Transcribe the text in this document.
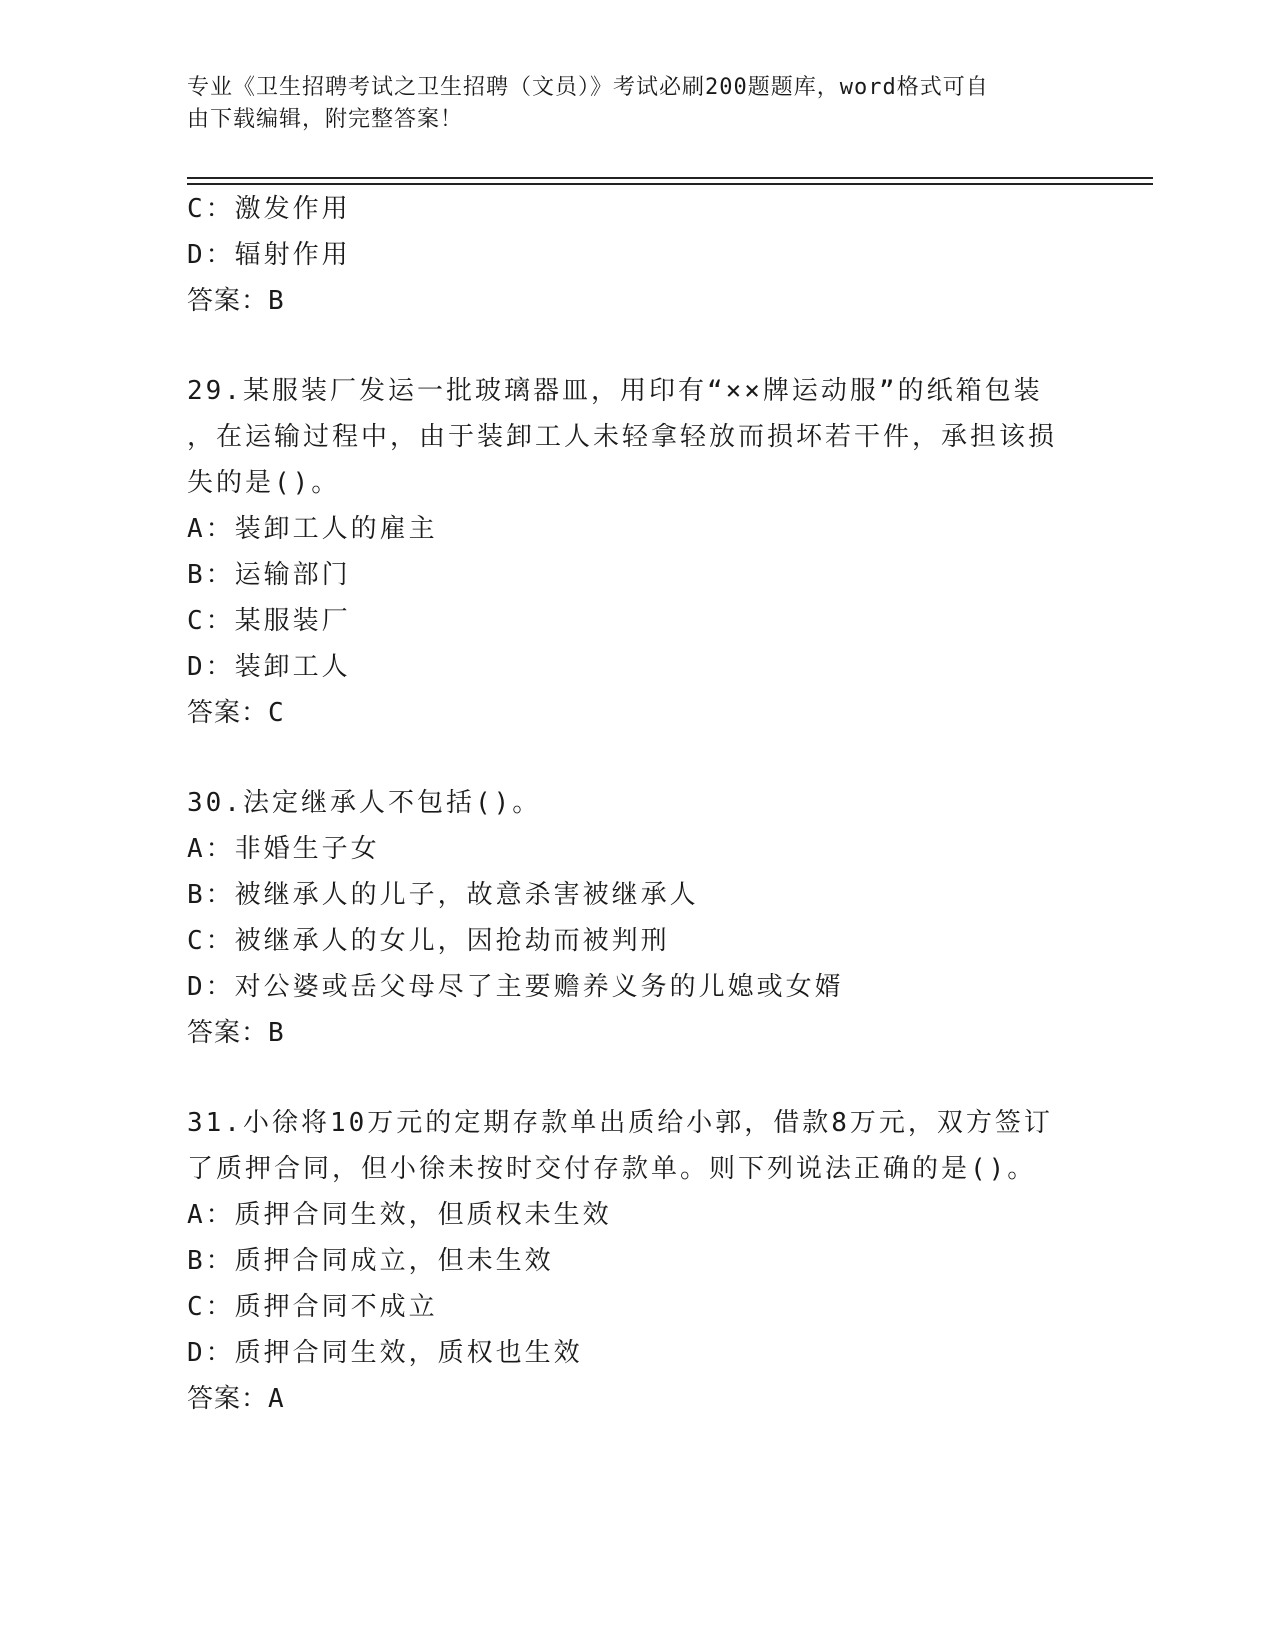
专业《卫生招聘考试之卫生招聘（文员）》考试必刷200题题库，word格式可自
由下载编辑，附完整答案！
C：激发作用
D：辐射作用
答案：B
29.某服装厂发运一批玻璃器皿，用印有“××牌运动服”的纸箱包装
，在运输过程中，由于装卸工人未轻拿轻放而损坏若干件，承担该损
失的是()。
A：装卸工人的雇主
B：运输部门
C：某服装厂
D：装卸工人
答案：C
30.法定继承人不包括()。
A：非婚生子女
B：被继承人的儿子，故意杀害被继承人
C：被继承人的女儿，因抢劫而被判刑
D：对公婆或岳父母尽了主要赡养义务的儿媳或女婿
答案：B
31.小徐将10万元的定期存款单出质给小郭，借款8万元，双方签订
了质押合同，但小徐未按时交付存款单。则下列说法正确的是()。
A：质押合同生效，但质权未生效
B：质押合同成立，但未生效
C：质押合同不成立
D：质押合同生效，质权也生效
答案：A
